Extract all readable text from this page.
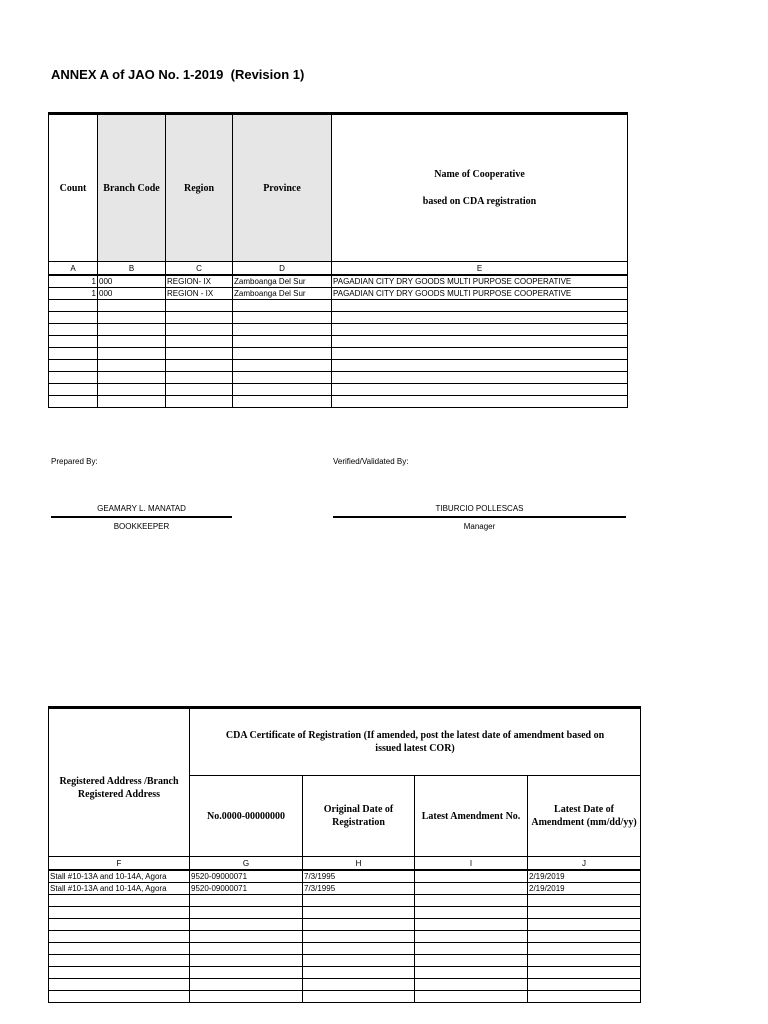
ANNEX A of JAO No. 1-2019  (Revision 1)
Count	Branch Code	Region	Province	Name of Cooperative
based on CDA registration

A	B	C	D	E
1	000	REGION- IX	Zamboanga Del Sur	PAGADIAN CITY DRY GOODS MULTI PURPOSE COOPERATIVE
1	000	REGION - IX	Zamboanga Del Sur	PAGADIAN CITY DRY GOODS MULTI PURPOSE COOPERATIVE

Prepared By:	Verified/Validated By:
GEAMARY L. MANATAD
BOOKKEEPER
TIBURCIO POLLESCAS
Manager
Registered Address /Branch Registered Address	CDA Certificate of Registration (If amended, post the latest date of amendment based on issued latest COR)			
	No.0000-00000000	Original Date of Registration	Latest Amendment No.	Latest Date of Amendment (mm/dd/yy)
F	G	H	I	J
Stall #10-13A and 10-14A, Agora	9520-09000071	7/3/1995		2/19/2019
Stall #10-13A and 10-14A, Agora	9520-09000071	7/3/1995		2/19/2019
